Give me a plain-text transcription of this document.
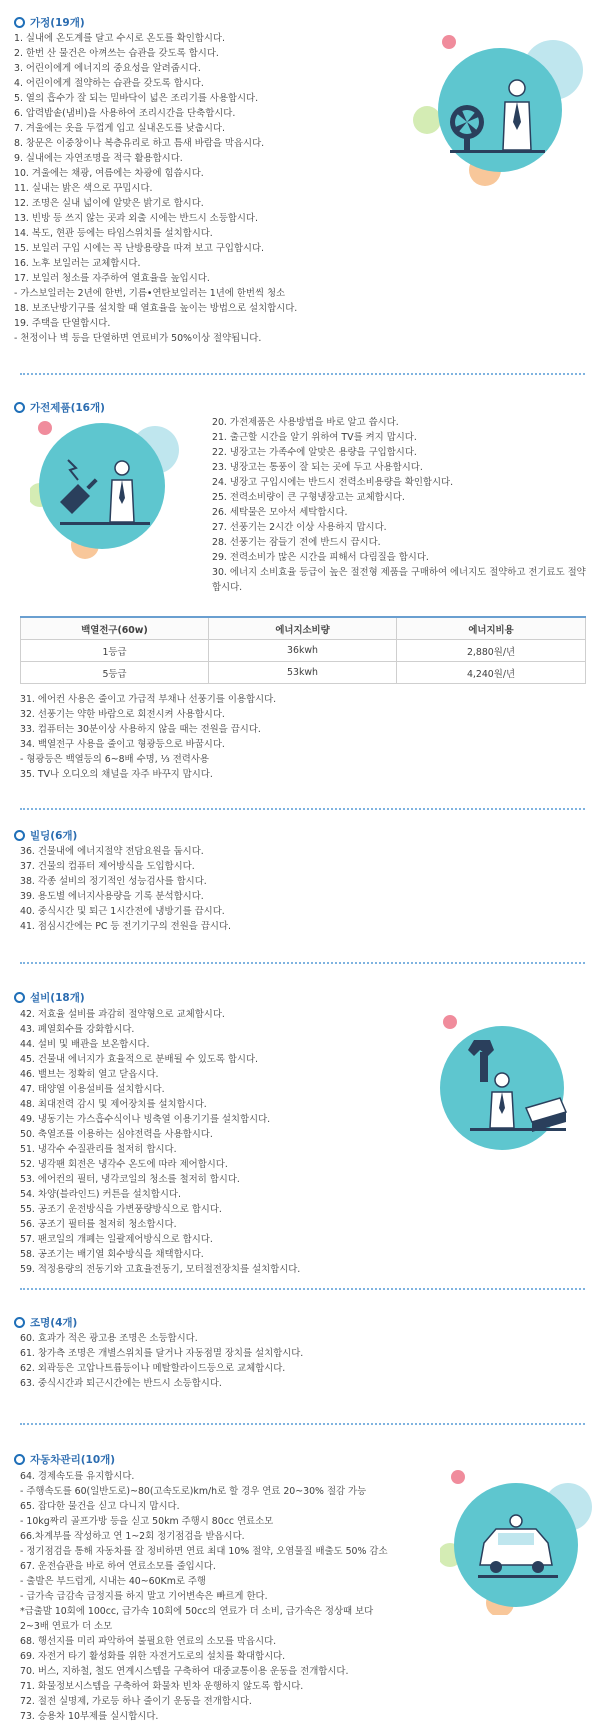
가정(19개)
1. 실내에 온도계를 달고 수시로 온도를 확인합시다.
2. 한번 산 물건은 아껴쓰는 습관을 갖도록 합시다.
3. 어린이에게 에너지의 중요성을 알려줍시다.
4. 어린이에게 절약하는 습관을 갖도록 합시다.
5. 열의 흡수가 잘 되는 밑바닥이 넓은 조리기를 사용합시다.
6. 압력밥솥(냄비)을 사용하여 조리시간을 단축합시다.
7. 겨울에는 옷을 두껍게 입고 실내온도를 낮춥시다.
8. 창문은 이중창이나 복층유리로 하고 틈새 바람을 막읍시다.
9. 실내에는 자연조명을 적극 활용합시다.
10. 겨울에는 채광, 여름에는 차광에 힘씁시다.
11. 실내는 밝은 색으로 꾸밉시다.
12. 조명은 실내 넓이에 알맞은 밝기로 합시다.
13. 빈방 등 쓰지 않는 곳과 외출 시에는 반드시 소등합시다.
14. 복도, 현관 등에는 타임스위치를 설치합시다.
15. 보일러 구입 시에는 꼭 난방용량을 따져 보고 구입합시다.
16. 노후 보일러는 교체합시다.
17. 보일러 청소를 자주하여 열효율을 높입시다.
- 가스보일러는 2년에 한번, 기름•연탄보일러는 1년에 한번씩 청소
18. 보조난방기구를 설치할 때 열효율을 높이는 방법으로 설치합시다.
19. 주택을 단열합시다.
- 천정이나 벽 등을 단열하면 연료비가 50%이상 절약됩니다.
가전제품(16개)
20. 가전제품은 사용방법을 바로 알고 씁시다.
21. 출근할 시간을 알기 위하여 TV를 켜지 맙시다.
22. 냉장고는 가족수에 알맞은 용량을 구입합시다.
23. 냉장고는 통풍이 잘 되는 곳에 두고 사용합시다.
24. 냉장고 구입시에는 반드시 전력소비용량을 확인합시다.
25. 전력소비량이 큰 구형냉장고는 교체합시다.
26. 세탁물은 모아서 세탁합시다.
27. 선풍기는 2시간 이상 사용하지 맙시다.
28. 선풍기는 잠들기 전에 반드시 끕시다.
29. 전력소비가 많은 시간을 피해서 다림질을 합시다.
30. 에너지 소비효율 등급이 높은 절전형 제품을 구매하여 에너지도 절약하고 전기료도 절약합시다.
백열전구(60w)	에너지소비량	에너지비용
1등급	36kwh	2,880원/년
5등급	53kwh	4,240원/년
31. 에어컨 사용은 줄이고 가급적 부채나 선풍기를 이용합시다.
32. 선풍기는 약한 바람으로 회전시켜 사용합시다.
33. 컴퓨터는 30분이상 사용하지 않을 때는 전원을 끕시다.
34. 백열전구 사용을 줄이고 형광등으로 바꿉시다.
- 형광등은 백열등의 6~8배 수명, ⅓ 전력사용
35. TV나 오디오의 채널을 자주 바꾸지 맙시다.
빌딩(6개)
36. 건물내에 에너지절약 전담요원을 둡시다.
37. 건물의 컴퓨터 제어방식을 도입합시다.
38. 각종 설비의 정기적인 성능검사를 합시다.
39. 용도별 에너지사용량을 기록 분석합시다.
40. 중식시간 및 퇴근 1시간전에 냉방기를 끕시다.
41. 점심시간에는 PC 등 전기기구의 전원을 끕시다.
설비(18개)
42. 저효율 설비를 과감히 절약형으로 교체합시다.
43. 폐열회수를 강화합시다.
44. 설비 및 배관을 보온합시다.
45. 건물내 에너지가 효율적으로 분배될 수 있도록 합시다.
46. 밸브는 정확히 열고 닫읍시다.
47. 태양열 이용설비를 설치합시다.
48. 최대전력 감시 및 제어장치를 설치합시다.
49. 냉동기는 가스흡수식이나 빙축열 이용기기를 설치합시다.
50. 축열조를 이용하는 심야전력을 사용합시다.
51. 냉각수 수질관리를 철저히 합시다.
52. 냉각팬 회전은 냉각수 온도에 따라 제어합시다.
53. 에어컨의 필터, 냉각코일의 청소를 철저히 합시다.
54. 차양(블라인드) 커튼을 설치합시다.
55. 공조기 운전방식을 가변풍량방식으로 합시다.
56. 공조기 필터를 철저히 청소합시다.
57. 팬코일의 개폐는 일괄제어방식으로 합시다.
58. 공조기는 배기열 회수방식을 채택합시다.
59. 적정용량의 전동기와 고효율전동기, 모터절전장치를 설치합시다.
조명(4개)
60. 효과가 적은 광고용 조명은 소등합시다.
61. 창가측 조명은 개별스위치를 달거나 자동점멸 장치를 설치합시다.
62. 외곽등은 고압나트륨등이나 메탈할라이드등으로 교체합시다.
63. 중식시간과 퇴근시간에는 반드시 소등합시다.
자동차관리(10개)
64. 경제속도를 유지합시다.
- 주행속도를 60(일반도로)~80(고속도로)km/h로 할 경우 연료 20~30% 절감 가능
65. 잡다한 물건을 싣고 다니지 맙시다.
- 10kg짜리 골프가방 등을 싣고 50km 주행시 80cc 연료소모
66.차계부를 작성하고 연 1~2회 정기점검을 받읍시다.
- 정기점검을 통해 자동차를 잘 정비하면 연료 최대 10% 절약, 오염물질 배출도 50% 감소
67. 운전습관을 바로 하여 연료소모를 줄입시다.
- 출발은 부드럽게, 시내는 40~60Km로 주행
- 급가속 급감속 급정지를 하지 말고 기어변속은 빠르게 한다.
*급출발 10회에 100cc, 급가속 10회에 50cc의 연료가 더 소비, 급가속은 정상때 보다
2~3배 연료가 더 소모
68. 행선지를 미리 파악하여 불필요한 연료의 소모를 막읍시다.
69. 자전거 타기 활성화를 위한 자전거도로의 설치를 확대합시다.
70. 버스, 지하철, 철도 연계시스템을 구축하여 대중교통이용 운동을 전개합시다.
71. 화물정보시스템을 구축하여 화물차 빈차 운행하지 않도록 합시다.
72. 절전 실명제, 가로등 하나 줄이기 운동을 전개합시다.
73. 승용차 10부제를 실시합시다.
